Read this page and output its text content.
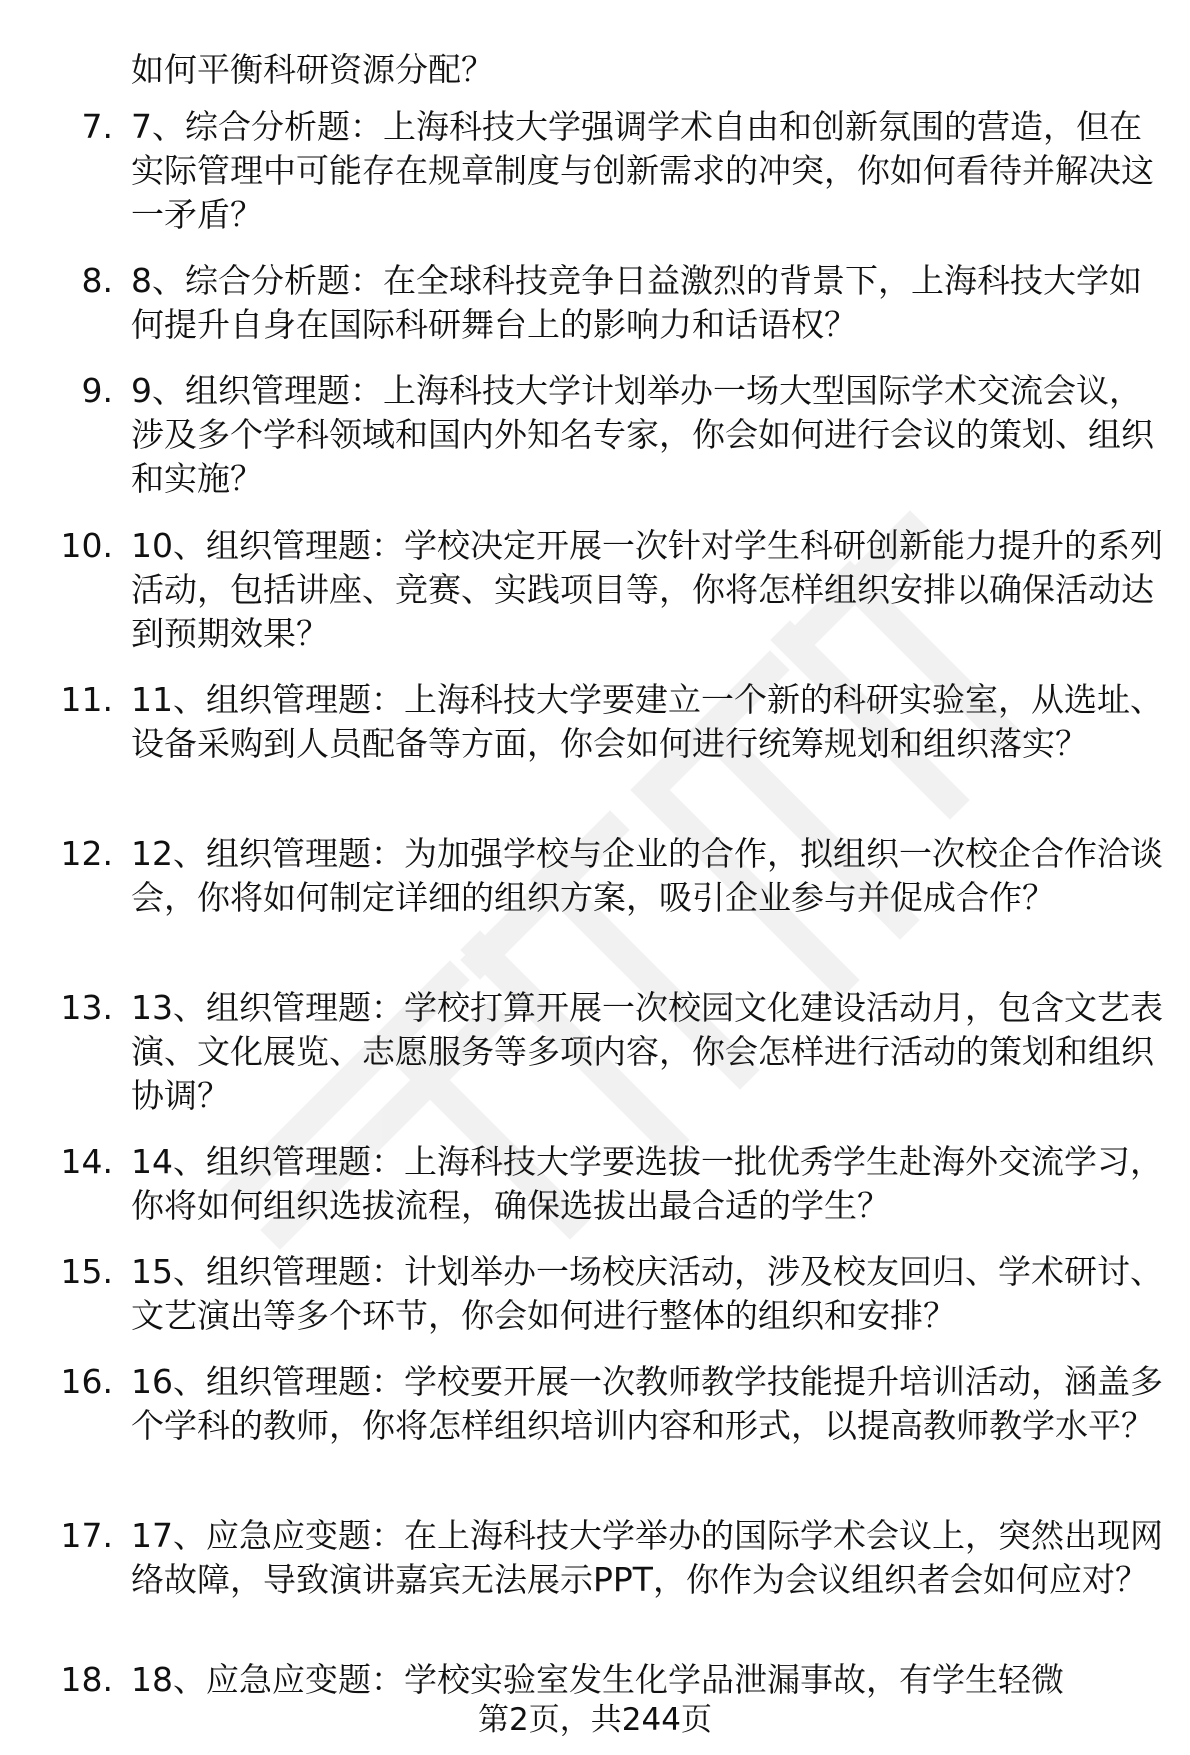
如何平衡科研资源分配？
7. 7、综合分析题：上海科技大学强调学术自由和创新氛围的营造，但在实际管理中可能存在规章制度与创新需求的冲突，你如何看待并解决这一矛盾？
8. 8、综合分析题：在全球科技竞争日益激烈的背景下，上海科技大学如何提升自身在国际科研舞台上的影响力和话语权？
9. 9、组织管理题：上海科技大学计划举办一场大型国际学术交流会议，涉及多个学科领域和国内外知名专家，你会如何进行会议的策划、组织和实施？
10. 10、组织管理题：学校决定开展一次针对学生科研创新能力提升的系列活动，包括讲座、竞赛、实践项目等，你将怎样组织安排以确保活动达到预期效果？
11. 11、组织管理题：上海科技大学要建立一个新的科研实验室，从选址、设备采购到人员配备等方面，你会如何进行统筹规划和组织落实？
12. 12、组织管理题：为加强学校与企业的合作，拟组织一次校企合作洽谈会，你将如何制定详细的组织方案，吸引企业参与并促成合作？
13. 13、组织管理题：学校打算开展一次校园文化建设活动月，包含文艺表演、文化展览、志愿服务等多项内容，你会怎样进行活动的策划和组织协调？
14. 14、组织管理题：上海科技大学要选拔一批优秀学生赴海外交流学习，你将如何组织选拔流程，确保选拔出最合适的学生？
15. 15、组织管理题：计划举办一场校庆活动，涉及校友回归、学术研讨、文艺演出等多个环节，你会如何进行整体的组织和安排？
16. 16、组织管理题：学校要开展一次教师教学技能提升培训活动，涵盖多个学科的教师，你将怎样组织培训内容和形式，以提高教师教学水平？
17. 17、应急应变题：在上海科技大学举办的国际学术会议上，突然出现网络故障，导致演讲嘉宾无法展示PPT，你作为会议组织者会如何应对？
18. 18、应急应变题：学校实验室发生化学品泄漏事故，有学生轻微
第2页，共244页
